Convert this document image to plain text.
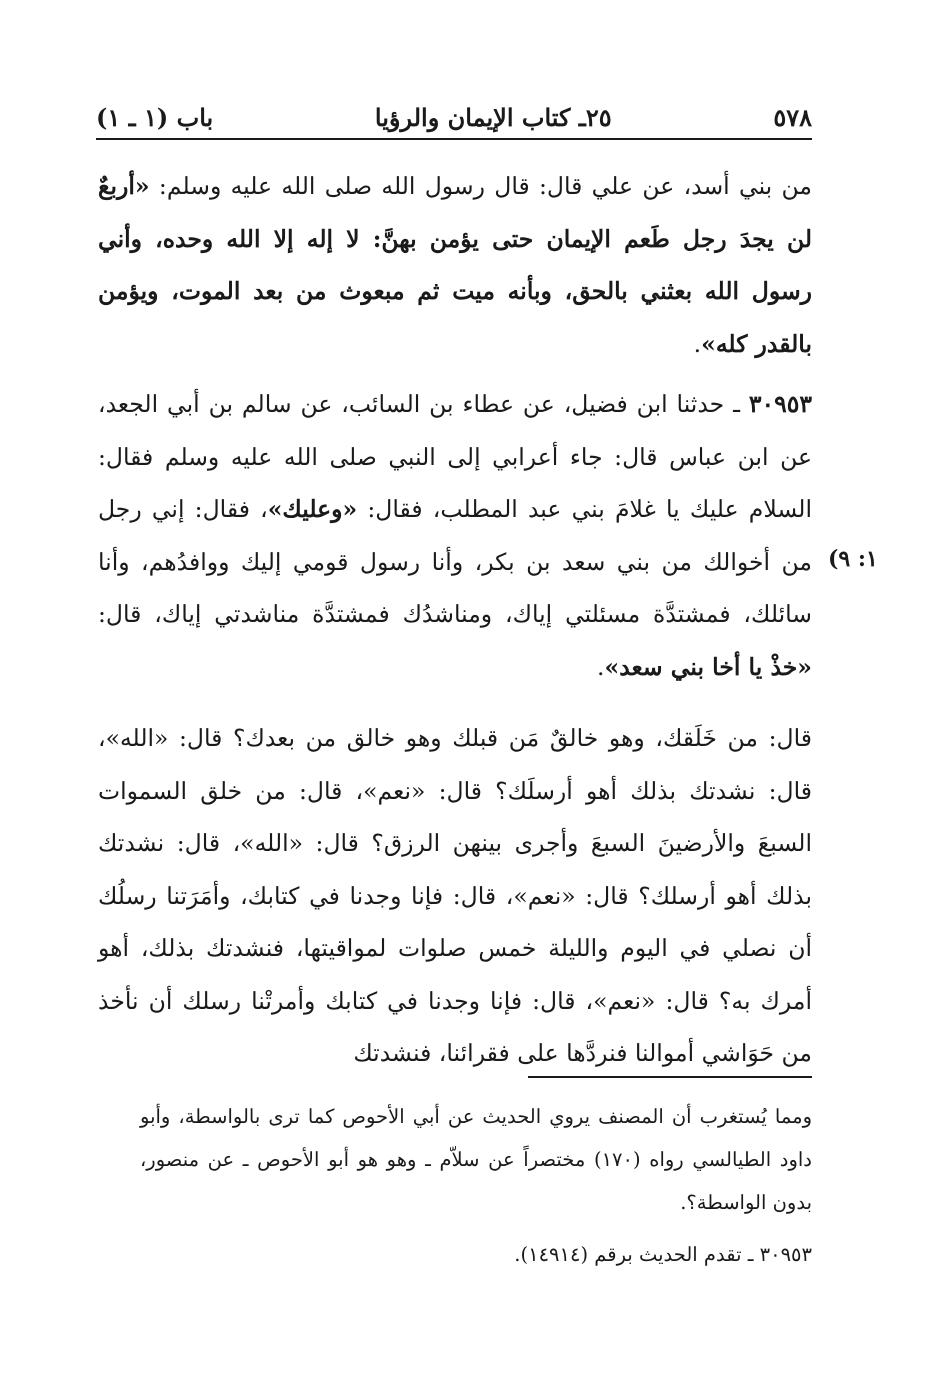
٥٧٨
٢٥ـ كتاب الإيمان والرؤيا
باب (١ ـ ١)
من بني أسد، عن علي قال: قال رسول الله صلى الله عليه وسلم: «أربعٌ لن يجدَ رجل طَعم الإيمان حتى يؤمن بهنَّ: لا إله إلا الله وحده، وأني رسول الله بعثني بالحق، وبأنه ميت ثم مبعوث من بعد الموت، ويؤمن بالقدر كله».
٣٠٩٥٣ ـ حدثنا ابن فضيل، عن عطاء بن السائب، عن سالم بن أبي الجعد، عن ابن عباس قال: جاء أعرابي إلى النبي صلى الله عليه وسلم فقال: السلام عليك يا غلامَ بني عبد المطلب، فقال: «وعليك»، فقال: إني رجل من أخوالك من بني سعد بن بكر، وأنا رسول قومي إليك ووافدُهم، وأنا سائلك، فمشتدَّة مسئلتي إياك، ومناشدُك فمشتدَّة مناشدتي إياك، قال: «خذْ يا أخا بني سعد».
(١: ٩
قال: من خَلَقك، وهو خالقٌ مَن قبلك وهو خالق من بعدك؟ قال: «الله»، قال: نشدتك بذلك أهو أرسلَك؟ قال: «نعم»، قال: من خلق السموات السبعَ والأرضينَ السبعَ وأجرى بينهن الرزق؟ قال: «الله»، قال: نشدتك بذلك أهو أرسلك؟ قال: «نعم»، قال: فإنا وجدنا في كتابك، وأمَرَتنا رسلُك أن نصلي في اليوم والليلة خمس صلوات لمواقيتها، فنشدتك بذلك، أهو أمرك به؟ قال: «نعم»، قال: فإنا وجدنا في كتابك وأمرتْنا رسلك أن نأخذ من حَوَاشي أموالنا فنردَّها على فقرائنا، فنشدتك
ومما يُستغرب أن المصنف يروي الحديث عن أبي الأحوص كما ترى بالواسطة، وأبو داود الطيالسي رواه (١٧٠) مختصراً عن سلاّم ـ وهو هو أبو الأحوص ـ عن منصور، بدون الواسطة؟.
٣٠٩٥٣ ـ تقدم الحديث برقم (١٤٩١٤).
